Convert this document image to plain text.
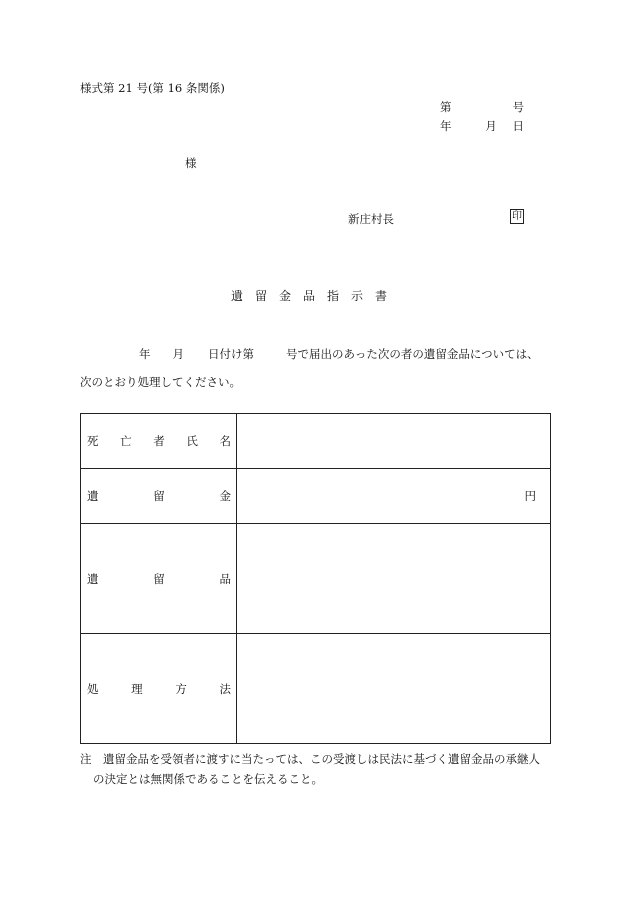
様式第 21 号(第 16 条関係)
第	号
年	月 日
様
新庄村長	印
遺留金品指示書
年 月 日付け第	号で届出のあった次の者の遺留金品については、
次のとおり処理してください。
死 亡 者 氏 名	

遺 留 金	円

遺 留 品	

処 理 方 法	

注　遺留金品を受領者に渡すに当たっては、この受渡しは民法に基づく遺留金品の承継人
の決定とは無関係であることを伝えること。
